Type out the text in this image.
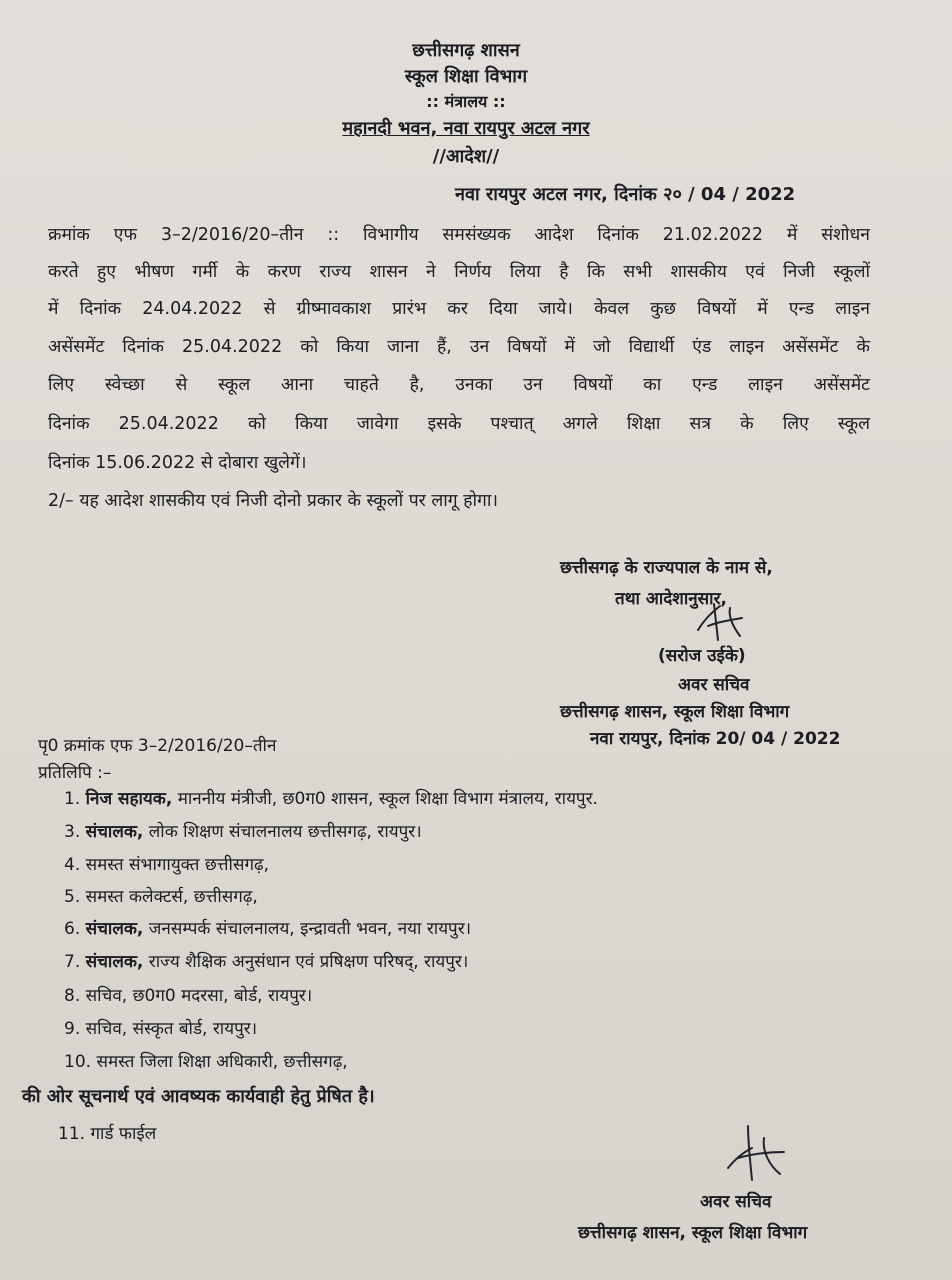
छत्तीसगढ़ शासन
स्कूल शिक्षा विभाग
:: मंत्रालय ::
महानदी भवन, नवा रायपुर अटल नगर
//आदेश//
नवा रायपुर अटल नगर, दिनांक २० / 04 / 2022
क्रमांक एफ 3–2/2016/20–तीन :: विभागीय समसंख्यक आदेश दिनांक 21.02.2022 में संशोधन
करते हुए भीषण गर्मी के करण राज्य शासन ने निर्णय लिया है कि सभी शासकीय एवं निजी स्कूलों
में दिनांक 24.04.2022 से ग्रीष्मावकाश प्रारंभ कर दिया जाये। केवल कुछ विषयों में एन्ड लाइन
असेंसमेंट दिनांक 25.04.2022 को किया जाना हैं, उन विषयों में जो विद्यार्थी एंड लाइन असेंसमेंट के
लिए स्वेच्छा से स्कूल आना चाहते है, उनका उन विषयों का एन्ड लाइन असेंसमेंट
दिनांक 25.04.2022 को किया जावेगा इसके पश्चात् अगले शिक्षा सत्र के लिए स्कूल
दिनांक 15.06.2022 से दोबारा खुलेगें।
2/– यह आदेश शासकीय एवं निजी दोनो प्रकार के स्कूलों पर लागू होगा।
छत्तीसगढ़ के राज्यपाल के नाम से,
तथा आदेशानुसार,
(सरोज उईके)
अवर सचिव
छत्तीसगढ़ शासन, स्कूल शिक्षा विभाग
नवा रायपुर, दिनांक 20/ 04 / 2022
पृ0 क्रमांक एफ 3–2/2016/20–तीन
प्रतिलिपि :–
1. निज सहायक, माननीय मंत्रीजी, छ0ग0 शासन, स्कूल शिक्षा विभाग मंत्रालय, रायपुर.
3. संचालक, लोक शिक्षण संचालनालय छत्तीसगढ़, रायपुर।
4. समस्त संभागायुक्त छत्तीसगढ़,
5. समस्त कलेक्टर्स, छत्तीसगढ़,
6. संचालक, जनसम्पर्क संचालनालय, इन्द्रावती भवन, नया रायपुर।
7. संचालक, राज्य शैक्षिक अनुसंधान एवं प्रषिक्षण परिषद्, रायपुर।
8. सचिव, छ0ग0 मदरसा, बोर्ड, रायपुर।
9. सचिव, संस्कृत बोर्ड, रायपुर।
10. समस्त जिला शिक्षा अधिकारी, छत्तीसगढ़,
की ओर सूचनार्थ एवं आवष्यक कार्यवाही हेतु प्रेषित है।
11. गार्ड फाईल
अवर सचिव
छत्तीसगढ़ शासन, स्कूल शिक्षा विभाग
